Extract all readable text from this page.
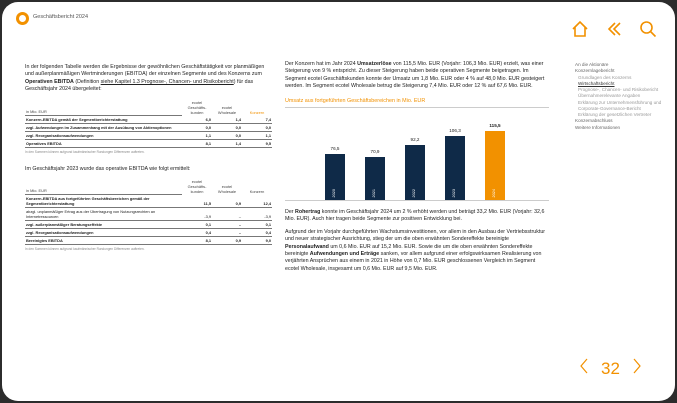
Geschäftsbericht 2024
In der folgenden Tabelle werden die Ergebnisse der gewöhnlichen Geschäftstätigkeit vor planmäßigen und außerplanmäßigen Wertminderungen (EBITDA) der einzelnen Segmente und des Konzerns zum Operativen EBITDA (Definition siehe Kapitel 1.3 Prognose-, Chancen- und Risikobericht) für das Geschäftsjahr 2024 übergeleitet:
in Mio. EUR	ecotel Geschäfts-kunden	ecotel Wholesale	Konzern
Konzern-EBITDA gemäß der Segmentberichterstattung	6,0	1,4	7,4
zzgl. Aufwendungen im Zusammenhang mit der Ausübung von Aktienoptionen	0,0	0,0	0,0
zzgl. Reorganisationsaufwendungen	1,1	0,0	1,1
Operatives EBITDA	8,1	1,4	9,5
In den Summen können aufgrund kaufmännischer Rundungen Differenzen auftreten.
Im Geschäftsjahr 2023 wurde das operative EBITDA wie folgt ermittelt:
in Mio. EUR	ecotel Geschäfts-kunden	ecotel Wholesale	Konzern
Konzern-EBITDA aus fortgeführten Geschäftsbereichen gemäß der Segmentberichterstattung	11,5	0,9	12,4
abzgl. unplanmäßiger Ertrag aus der Übertragung von Nutzungsrechten an Internetressourcen	-3,9	–	-3,9
zzgl. außerplanmäßiger Beratungseffekte	0,1	–	0,1
zzgl. Reorganisationsaufwendungen	0,4	–	0,4
Bereinigtes EBITDA	8,1	0,9	9,0
In den Summen können aufgrund kaufmännischer Rundungen Differenzen auftreten.
Der Konzern hat im Jahr 2024 Umsatzerlöse von 115,5 Mio. EUR (Vorjahr: 106,3 Mio. EUR) erzielt, was einer Steigerung von 9 % entspricht. Zu dieser Steigerung haben beide operativen Segmente beigetragen. Im Segment ecotel Geschäftskunden konnte der Umsatz um 1,8 Mio. EUR oder 4 % auf 48,0 Mio. EUR gesteigert werden. Im Segment ecotel Wholesale betrug die Steigerung 7,4 Mio. EUR oder 12 % auf 67,6 Mio. EUR.
Umsatz aus fortgeführten Geschäftsbereichen in Mio. EUR
2020
76,5
2021
70,9
2022
92,2
2023
106,3
2024
115,5
Der Rohertrag konnte im Geschäftsjahr 2024 um 2 % erhöht werden und beträgt 33,2 Mio. EUR (Vorjahr: 32,6 Mio. EUR). Auch hier tragen beide Segmente zur positiven Entwicklung bei.
Aufgrund der im Vorjahr durchgeführten Wachstumsinvestitionen, vor allem in den Ausbau der Vertriebsstruktur und neuer strategischer Ausrichtung, stieg der um die oben erwähnten Sondereffekte bereinigte Personalaufwand um 0,6 Mio. EUR auf 15,2 Mio. EUR. Sowie die um die oben erwähnten Sondereffekte bereinigte Aufwendungen und Erträge sanken, vor allem aufgrund einer erfolgswirksamen Realisierung von verjährten Ansprüchen aus einem in 2021 in Höhe von 0,7 Mio. EUR geschlossenen Vergleich im Segment ecotel Wholesale, insgesamt um 0,6 Mio. EUR auf 9,5 Mio. EUR.
An die Aktionäre
Konzernlagebericht
Grundlagen des Konzerns
Wirtschaftsbericht
Prognose-, Chancen- und Risikobericht
Übernahmerelevante Angaben
Erklärung zur Unternehmensführung und Corporate-Governance-Bericht
Erklärung der gesetzlichen Vertreter
Konzernabschluss
Weitere Informationen
32
